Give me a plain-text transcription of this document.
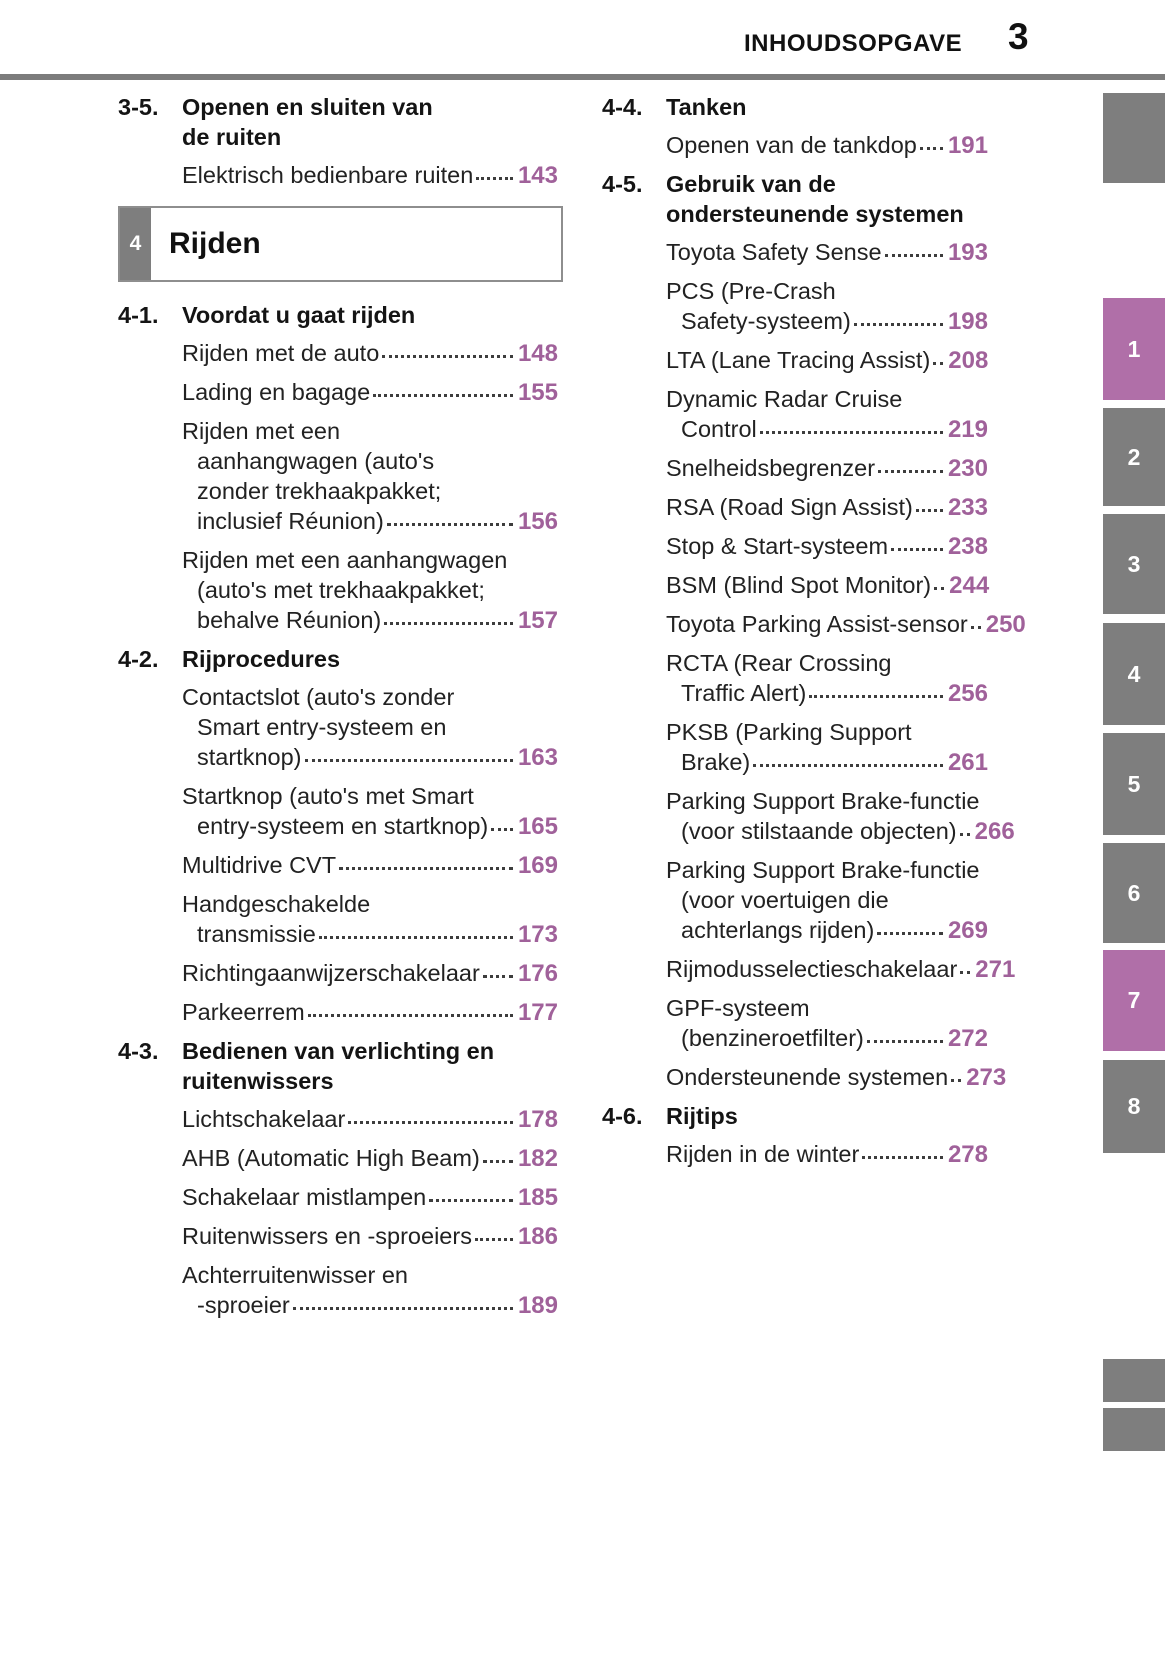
INHOUDSOPGAVE 3
3-5.	Openen en sluiten van
de ruiten
Elektrisch bedienbare ruiten 143
4 Rijden
4-1.	Voordat u gaat rijden
Rijden met de auto	148
Lading en bagage	155
Rijden met een
aanhangwagen (auto's
zonder trekhaakpakket;
inclusief Réunion)	156
Rijden met een aanhangwagen
(auto's met trekhaakpakket;
behalve Réunion)	157
4-2.	Rijprocedures
Contactslot (auto's zonder
Smart entry-systeem en
startknop)	163
Startknop (auto's met Smart
entry-systeem en startknop) 165
Multidrive CVT	169
Handgeschakelde
transmissie	173
Richtingaanwijzerschakelaar 176
Parkeerrem	177
4-3.	Bedienen van verlichting en
ruitenwissers
Lichtschakelaar	178
AHB (Automatic High Beam) 182
Schakelaar mistlampen	185
Ruitenwissers en -sproeiers 186
Achterruitenwisser en
-sproeier	189
4-4.	Tanken
Openen van de tankdop 191
4-5.	Gebruik van de
ondersteunende systemen
Toyota Safety Sense	193
PCS (Pre-Crash
Safety-systeem)	198
LTA (Lane Tracing Assist) 208
Dynamic Radar Cruise
Control	219
Snelheidsbegrenzer	230
RSA (Road Sign Assist) 233
Stop & Start-systeem 238
BSM (Blind Spot Monitor) 244
Toyota Parking Assist-sensor 250
RCTA (Rear Crossing
Traffic Alert)	256
PKSB (Parking Support
Brake)	261
Parking Support Brake-functie
(voor stilstaande objecten) 266
Parking Support Brake-functie
(voor voertuigen die
achterlangs rijden)	269
Rijmodusselectieschakelaar 271
GPF-systeem
(benzineroetfilter)	272
Ondersteunende systemen 273
4-6.	Rijtips
Rijden in de winter	278
1
2
3
4
5
6
7
8
